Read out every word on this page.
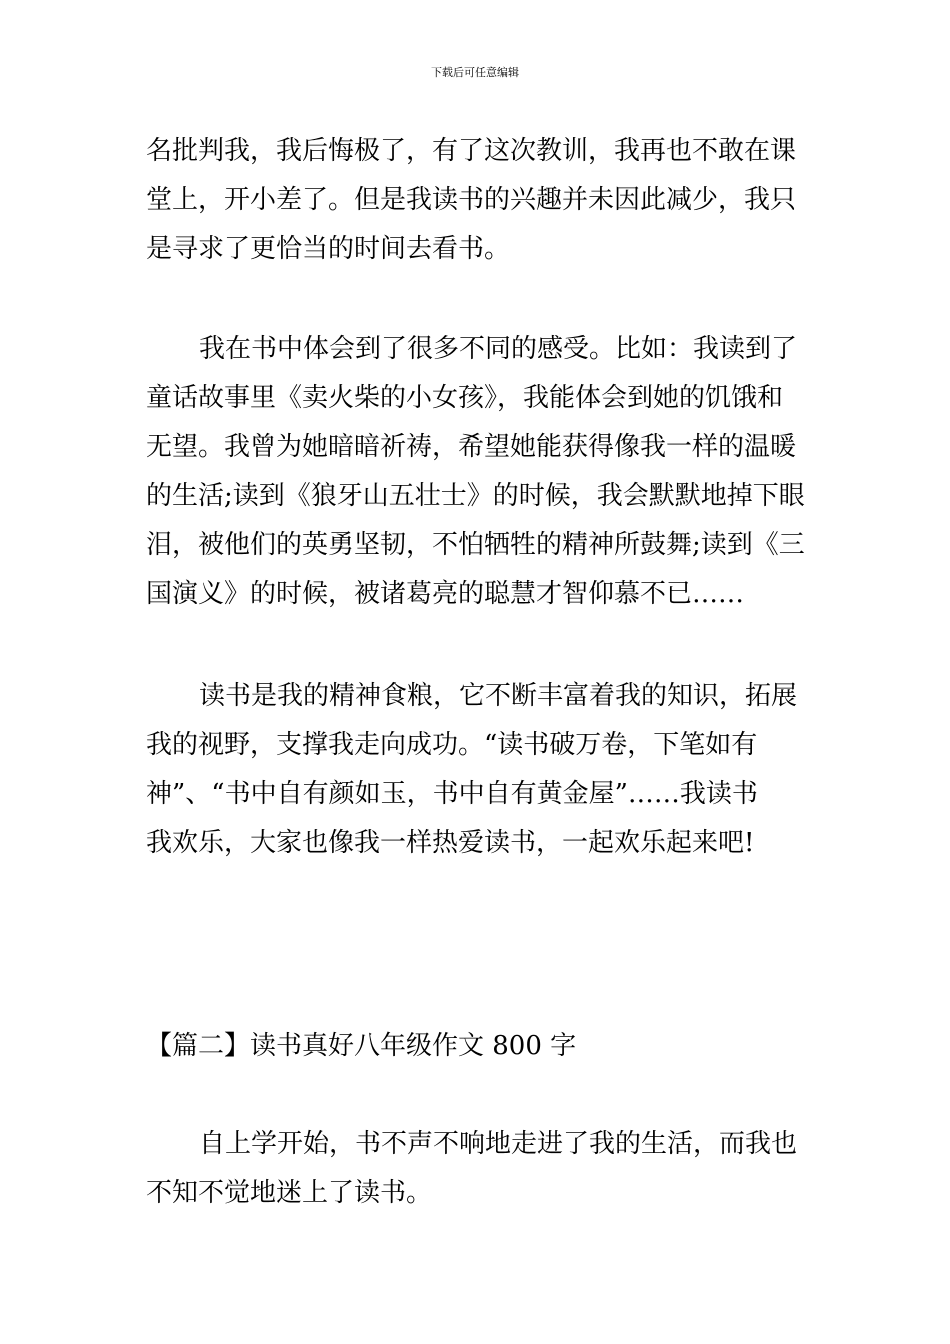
下载后可任意编辑
名批判我，我后悔极了，有了这次教训，我再也不敢在课
堂上，开小差了。但是我读书的兴趣并未因此减少，我只
是寻求了更恰当的时间去看书。
我在书中体会到了很多不同的感受。比如：我读到了
童话故事里《卖火柴的小女孩》，我能体会到她的饥饿和
无望。我曾为她暗暗祈祷，希望她能获得像我一样的温暖
的生活;读到《狼牙山五壮士》的时候，我会默默地掉下眼
泪，被他们的英勇坚韧，不怕牺牲的精神所鼓舞;读到《三
国演义》的时候，被诸葛亮的聪慧才智仰慕不已……
读书是我的精神食粮，它不断丰富着我的知识，拓展
我的视野，支撑我走向成功。“读书破万卷，下笔如有
神”、“书中自有颜如玉，书中自有黄金屋”……我读书
我欢乐，大家也像我一样热爱读书，一起欢乐起来吧!
【篇二】读书真好八年级作文 800 字
自上学开始，书不声不响地走进了我的生活，而我也
不知不觉地迷上了读书。
